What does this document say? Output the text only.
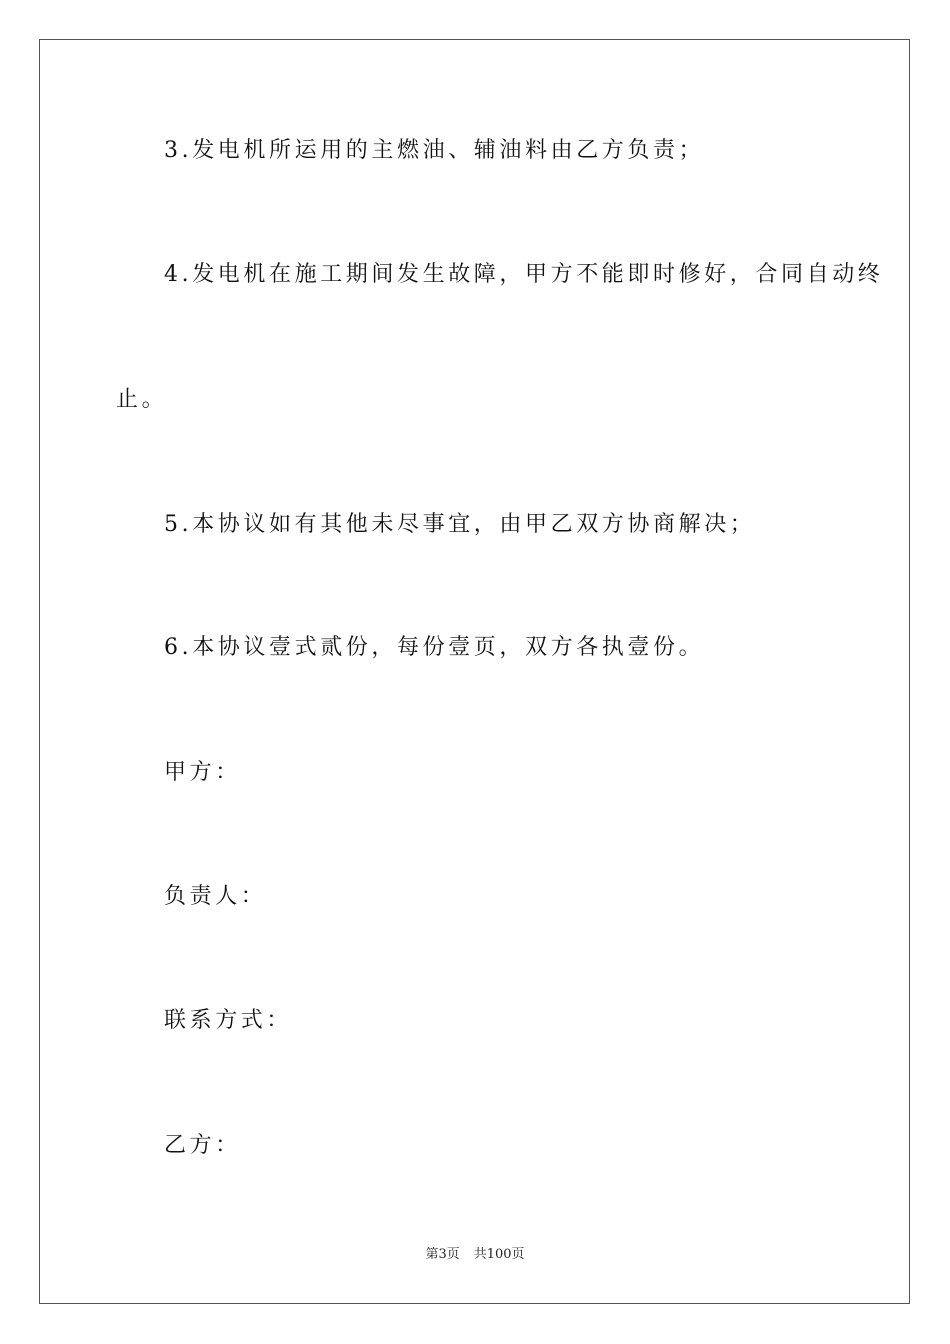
3.发电机所运用的主燃油、辅油料由乙方负责；
4.发电机在施工期间发生故障，甲方不能即时修好，合同自动终
止。
5.本协议如有其他未尽事宜，由甲乙双方协商解决；
6.本协议壹式贰份，每份壹页，双方各执壹份。
甲方：
负责人：
联系方式：
乙方：
第3页 共100页
